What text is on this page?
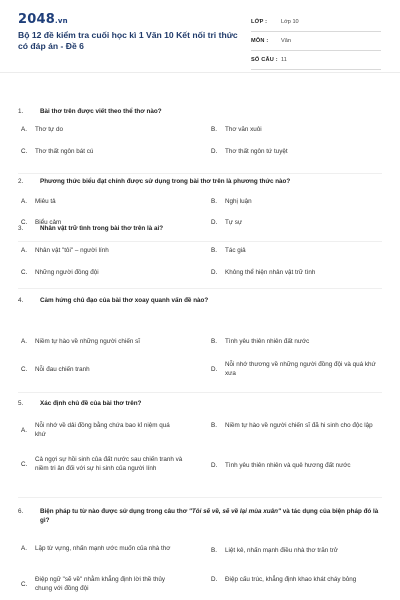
2048.vn
Bộ 12 đề kiểm tra cuối học kì 1 Văn 10 Kết nối tri thức có đáp án - Đề 6
LỚP :	Lớp 10
MÔN :	Văn
SỐ CÂU : 11
1.	Bài thơ trên được viết theo thể thơ nào?
A.	Thơ tự do	B.	Thơ văn xuôi
C.	Thơ thất ngôn bát cú	D.	Thơ thất ngôn tứ tuyệt
2.	Phương thức biểu đạt chính được sử dụng trong bài thơ trên là phương thức nào?
A.	Miêu tả	B.	Nghị luận
C.	Biểu cảm	D.	Tự sự
3.	Nhân vật trữ tình trong bài thơ trên là ai?
A.	Nhân vật "tôi" – người lính	B.	Tác giả
C.	Những người đồng đội	D.	Không thể hiện nhân vật trữ tình
4.	Cảm hứng chủ đạo của bài thơ xoay quanh vấn đề nào?
A.	Niềm tự hào về những người chiến sĩ	B.	Tình yêu thiên nhiên đất nước
C.	Nỗi đau chiến tranh	D.
Nỗi nhớ thương về những người đồng đội và quá khứ xưa
5.	Xác định chủ đề của bài thơ trên?
A.
Nỗi nhớ về dải đồng bằng chứa bao kỉ niệm quá khứ
B.	Niềm tự hào về người chiến sĩ đã hi sinh cho độc lập
C.
Cả ngợi sự hồi sinh của đất nước sau chiến tranh và niềm tri ân đối với sự hi sinh của người lính	D.	Tình yêu thiên nhiên và quê hương đất nước
6.	Biện pháp tu từ nào được sử dụng trong câu thơ "Tôi sẽ về, sẽ về lại mùa xuân" và tác dụng của biện pháp đó là gì?
A.	Lặp từ vựng, nhấn mạnh ước muốn của nhà thơ	B.	Liệt kê, nhấn mạnh điều nhà thơ trăn trở
C.
Điệp ngữ "sẽ về" nhằm khẳng định lời thề thủy chung với đồng đội
D.	Điệp cấu trúc, khẳng định khao khát cháy bỏng
